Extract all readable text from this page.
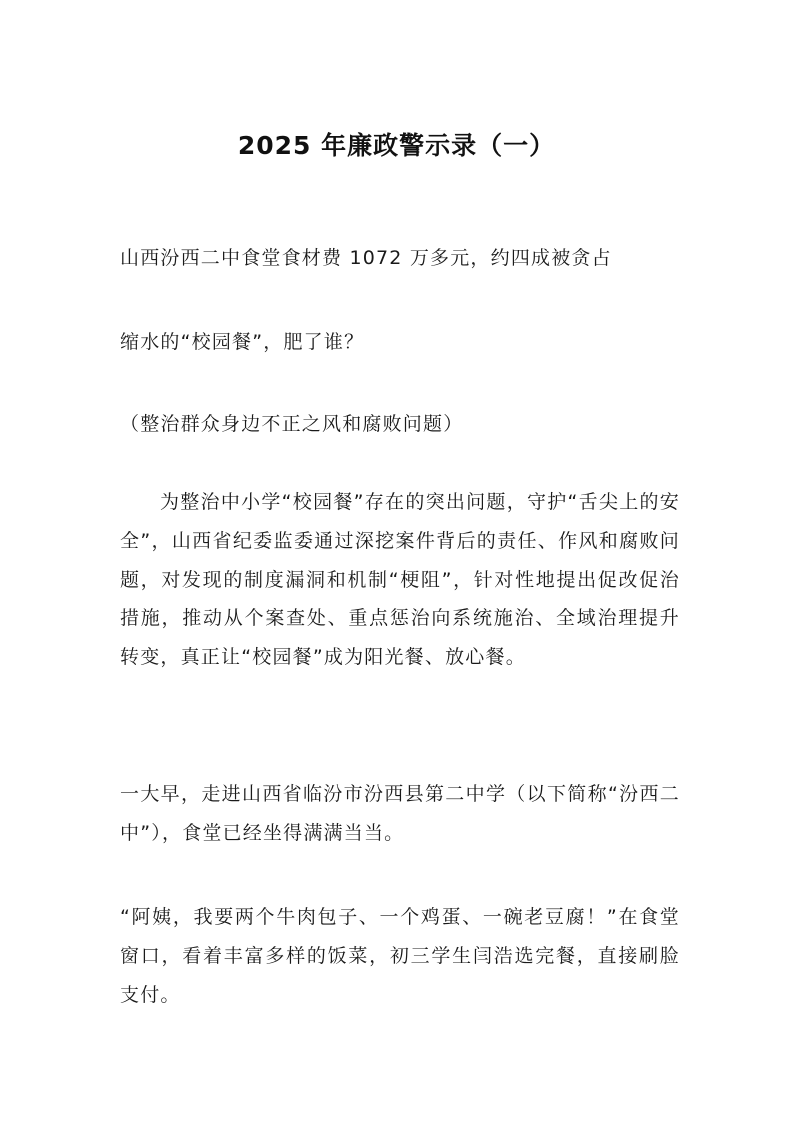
2025 年廉政警示录（一）
山西汾西二中食堂食材费 1072 万多元，约四成被贪占
缩水的“校园餐”，肥了谁？
（整治群众身边不正之风和腐败问题）
为整治中小学“校园餐”存在的突出问题，守护“舌尖上的安全”，山西省纪委监委通过深挖案件背后的责任、作风和腐败问题，对发现的制度漏洞和机制“梗阻”，针对性地提出促改促治措施，推动从个案查处、重点惩治向系统施治、全域治理提升转变，真正让“校园餐”成为阳光餐、放心餐。
一大早，走进山西省临汾市汾西县第二中学（以下简称“汾西二中”），食堂已经坐得满满当当。
“阿姨，我要两个牛肉包子、一个鸡蛋、一碗老豆腐！”在食堂窗口，看着丰富多样的饭菜，初三学生闫浩选完餐，直接刷脸支付。
